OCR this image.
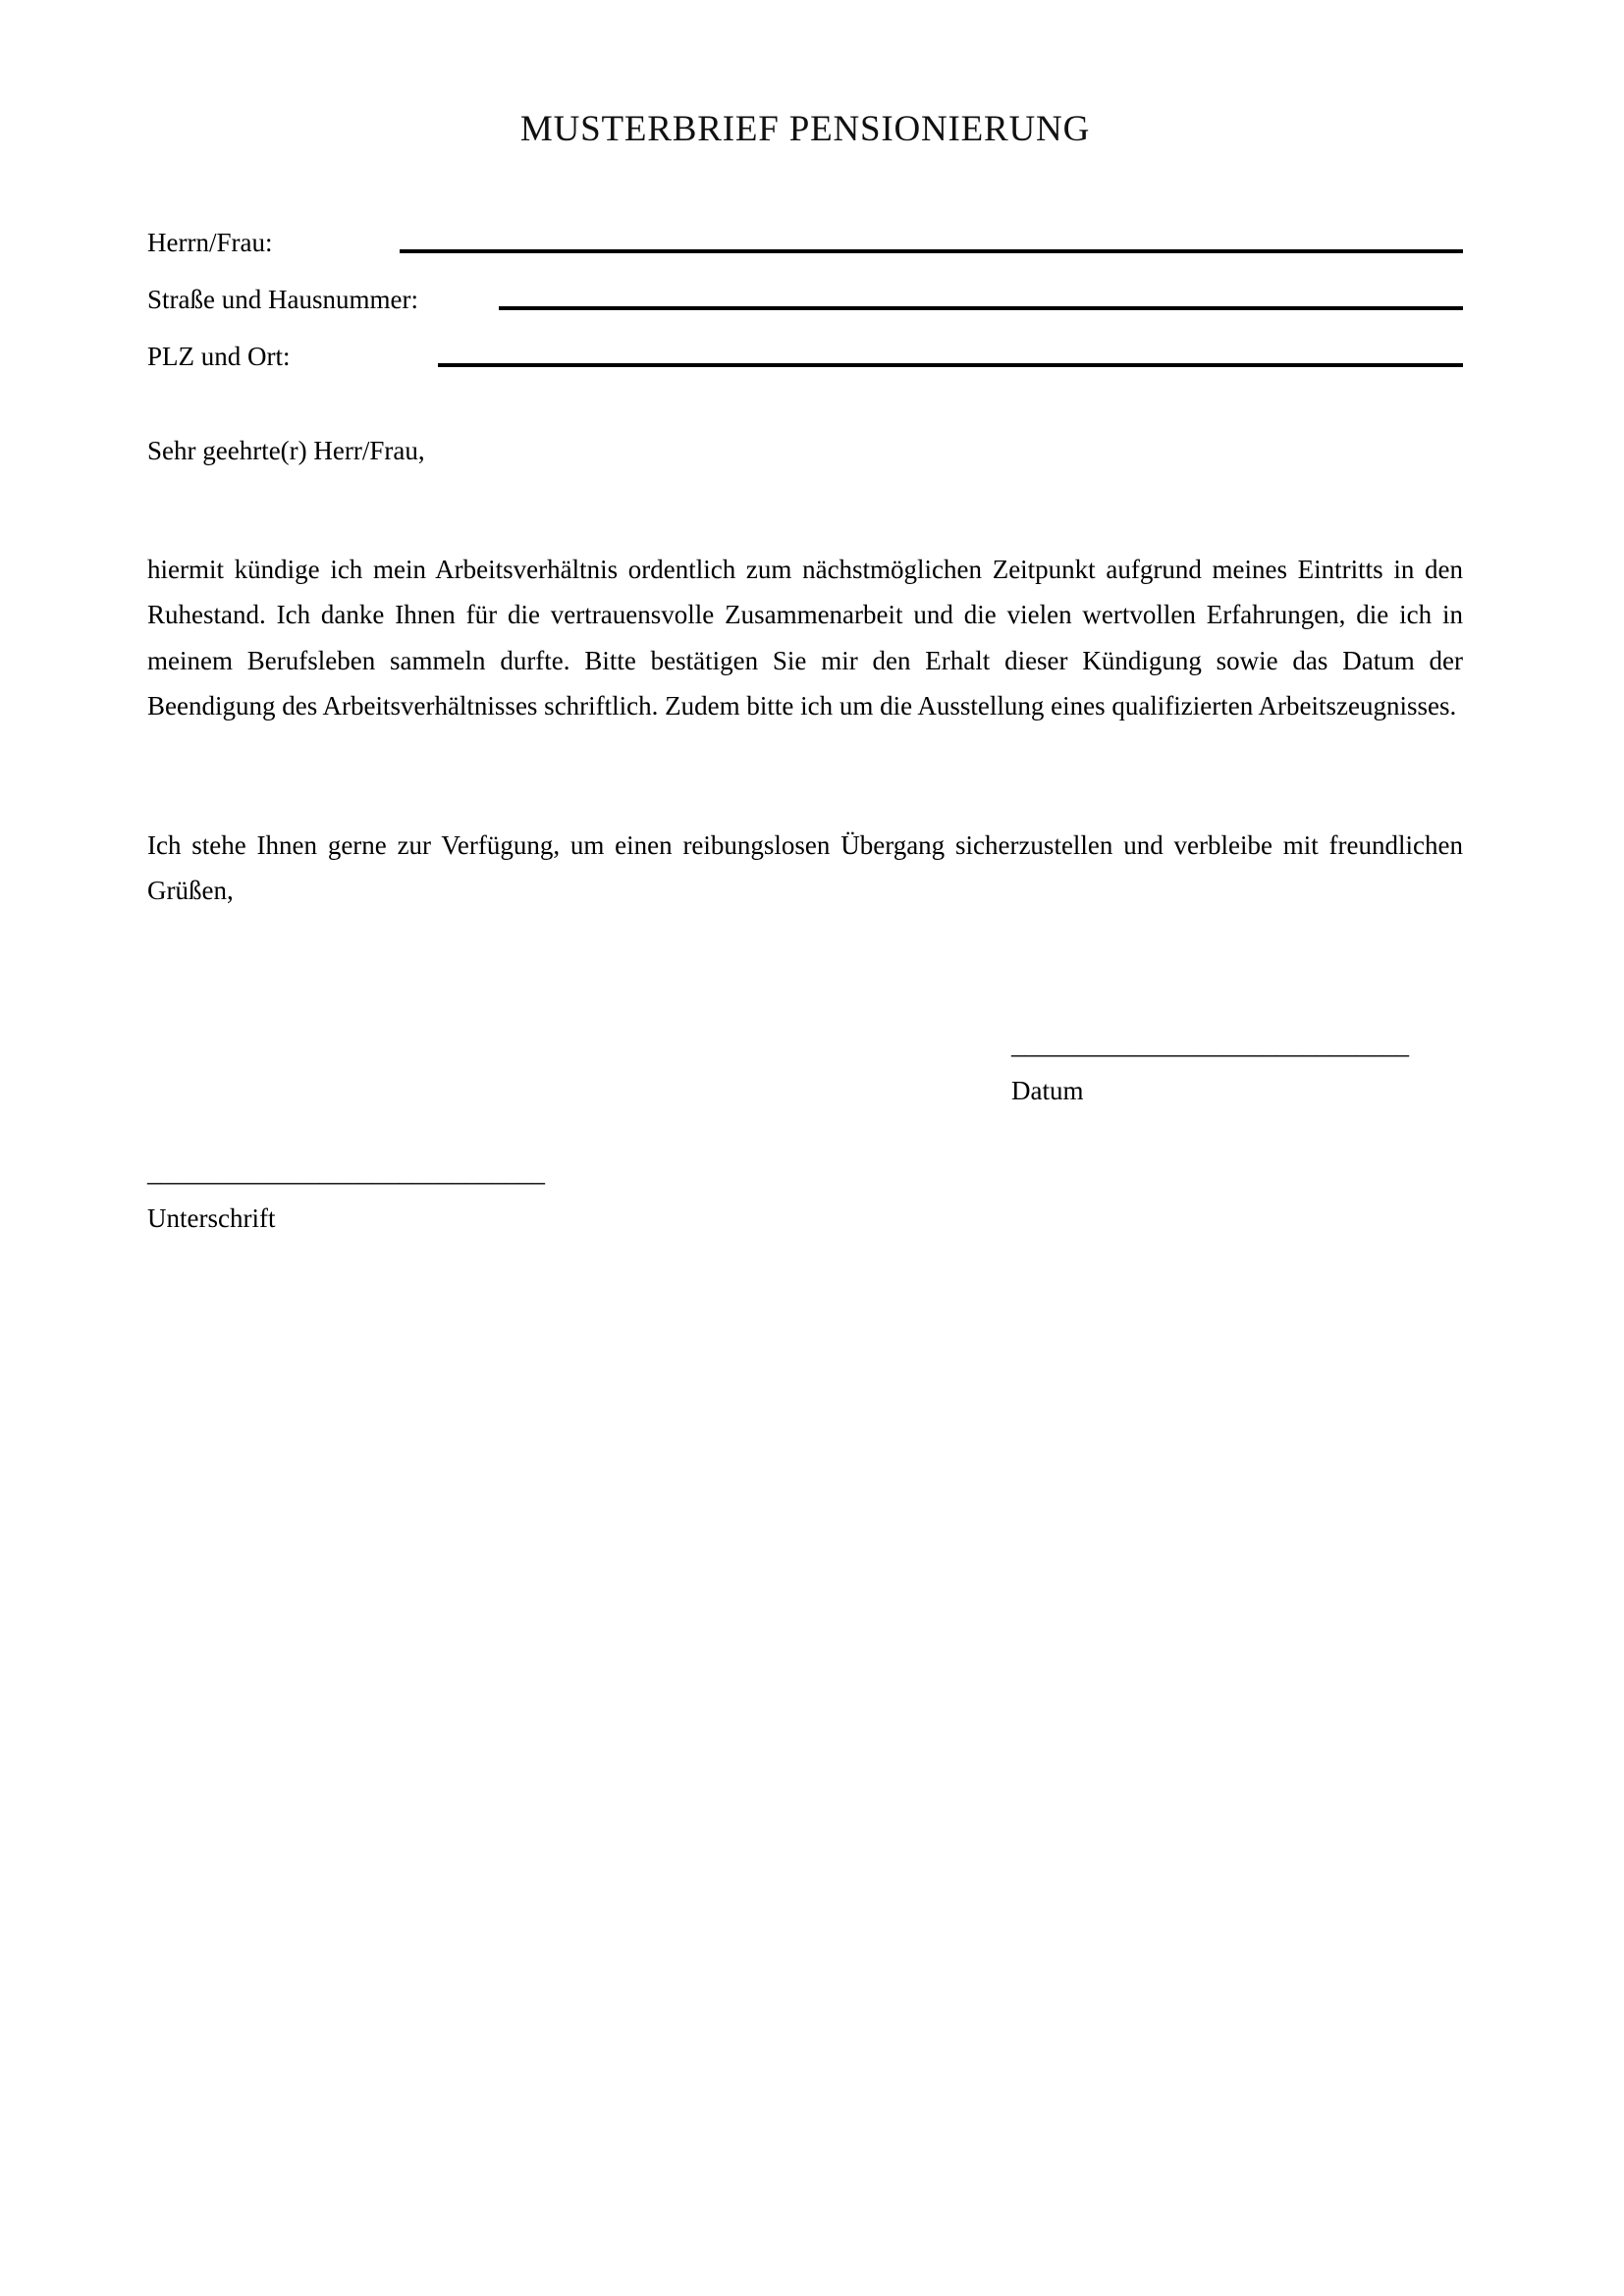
MUSTERBRIEF PENSIONIERUNG
Herrn/Frau:
Straße und Hausnummer:
PLZ und Ort:
Sehr geehrte(r) Herr/Frau,

hiermit kündige ich mein Arbeitsverhältnis ordentlich zum nächstmöglichen Zeitpunkt aufgrund meines Eintritts in den Ruhestand. Ich danke Ihnen für die vertrauensvolle Zusammenarbeit und die vielen wertvollen Erfahrungen, die ich in meinem Berufsleben sammeln durfte. Bitte bestätigen Sie mir den Erhalt dieser Kündigung sowie das Datum der Beendigung des Arbeitsverhältnisses schriftlich. Zudem bitte ich um die Ausstellung eines qualifizierten Arbeitszeugnisses.

Ich stehe Ihnen gerne zur Verfügung, um einen reibungslosen Übergang sicherzustellen und verbleibe mit freundlichen Grüßen,

______________________________
Datum
______________________________
Unterschrift
